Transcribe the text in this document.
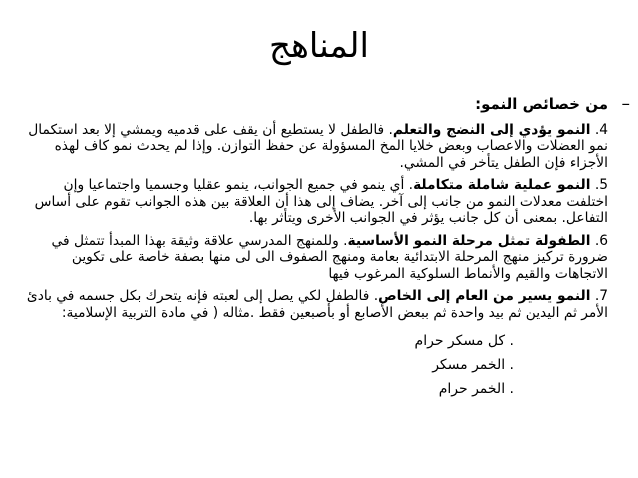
المناهج
–
من خصائص النمو:
4. النمو يؤدي إلى النضج والتعلم. فالطفل لا يستطيع أن يقف على قدميه ويمشي إلا بعد استكمال نمو العضلات والاعصاب وبعض خلايا المخ المسؤولة عن حفظ التوازن. وإذا لم يحدث نمو كاف لهذه الأجزاء فإن الطفل يتأخر في المشي.
5. النمو عملية شاملة متكاملة. أي ينمو في جميع الجوانب، ينمو عقليا وجسميا واجتماعيا وإن اختلفت معدلات النمو من جانب إلى آخر. يضاف إلى هذا أن العلاقة بين هذه الجوانب تقوم على أساس التفاعل. بمعنى أن كل جانب يؤثر في الجوانب الأخرى ويتأثر بها.
6. الطفولة تمثل مرحلة النمو الأساسية. وللمنهج المدرسي علاقة وثيقة بهذا المبدأ تتمثل في ضرورة تركيز منهج المرحلة الابتدائية بعامة ومنهج الصفوف الى لى منها بصفة خاصة على تكوين الاتجاهات والقيم والأنماط السلوكية المرغوب فيها
7. النمو يسير من العام إلى الخاص. فالطفل لكي يصل إلى لعبته فإنه يتحرك بكل جسمه في بادئ الأمر ثم اليدين ثم بيد واحدة ثم ببعض الأصابع أو بأصبعين فقط .مثاله ( في مادة التربية الإسلامية:
. كل مسكر حرام
. الخمر مسكر
. الخمر حرام
